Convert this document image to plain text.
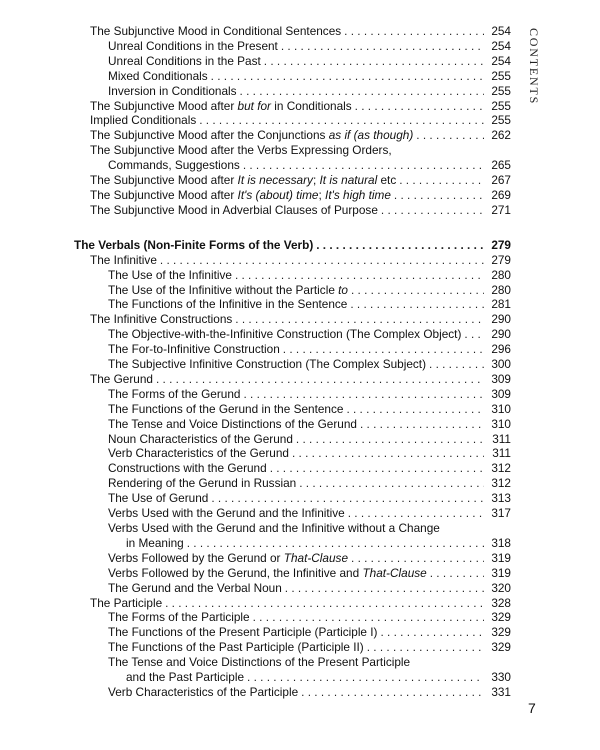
CONTENTS
The Subjunctive Mood in Conditional Sentences . . .	254
Unreal Conditions in the Present . . .	254
Unreal Conditions in the Past . . .	254
Mixed Conditionals . . .	255
Inversion in Conditionals . . .	255
The Subjunctive Mood after but for in Conditionals . . .	255
Implied Conditionals . . .	255
The Subjunctive Mood after the Conjunctions as if (as though) . . .	262
The Subjunctive Mood after the Verbs Expressing Orders,
Commands, Suggestions . . .	265
The Subjunctive Mood after It is necessary; It is natural etc . . .	267
The Subjunctive Mood after It's (about) time; It's high time . . .	269
The Subjunctive Mood in Adverbial Clauses of Purpose . . .	271
The Verbals (Non-Finite Forms of the Verb) . . .	279
The Infinitive . . .	279
The Use of the Infinitive . . .	280
The Use of the Infinitive without the Particle to . . .	280
The Functions of the Infinitive in the Sentence . . .	281
The Infinitive Constructions . . .	290
The Objective-with-the-Infinitive Construction (The Complex Object) . . .	290
The For-to-Infinitive Construction . . .	296
The Subjective Infinitive Construction (The Complex Subject) . . .	300
The Gerund . . .	309
The Forms of the Gerund . . .	309
The Functions of the Gerund in the Sentence . . .	310
The Tense and Voice Distinctions of the Gerund . . .	310
Noun Characteristics of the Gerund . . .	311
Verb Characteristics of the Gerund . . .	311
Constructions with the Gerund . . .	312
Rendering of the Gerund in Russian . . .	312
The Use of Gerund . . .	313
Verbs Used with the Gerund and the Infinitive . . .	317
Verbs Used with the Gerund and the Infinitive without a Change
in Meaning . . .	318
Verbs Followed by the Gerund or That-Clause . . .	319
Verbs Followed by the Gerund, the Infinitive and That-Clause . . .	319
The Gerund and the Verbal Noun . . .	320
The Participle . . .	328
The Forms of the Participle . . .	329
The Functions of the Present Participle (Participle I) . . .	329
The Functions of the Past Participle (Participle II) . . .	329
The Tense and Voice Distinctions of the Present Participle
and the Past Participle . . .	330
Verb Characteristics of the Participle . . .	331
7
